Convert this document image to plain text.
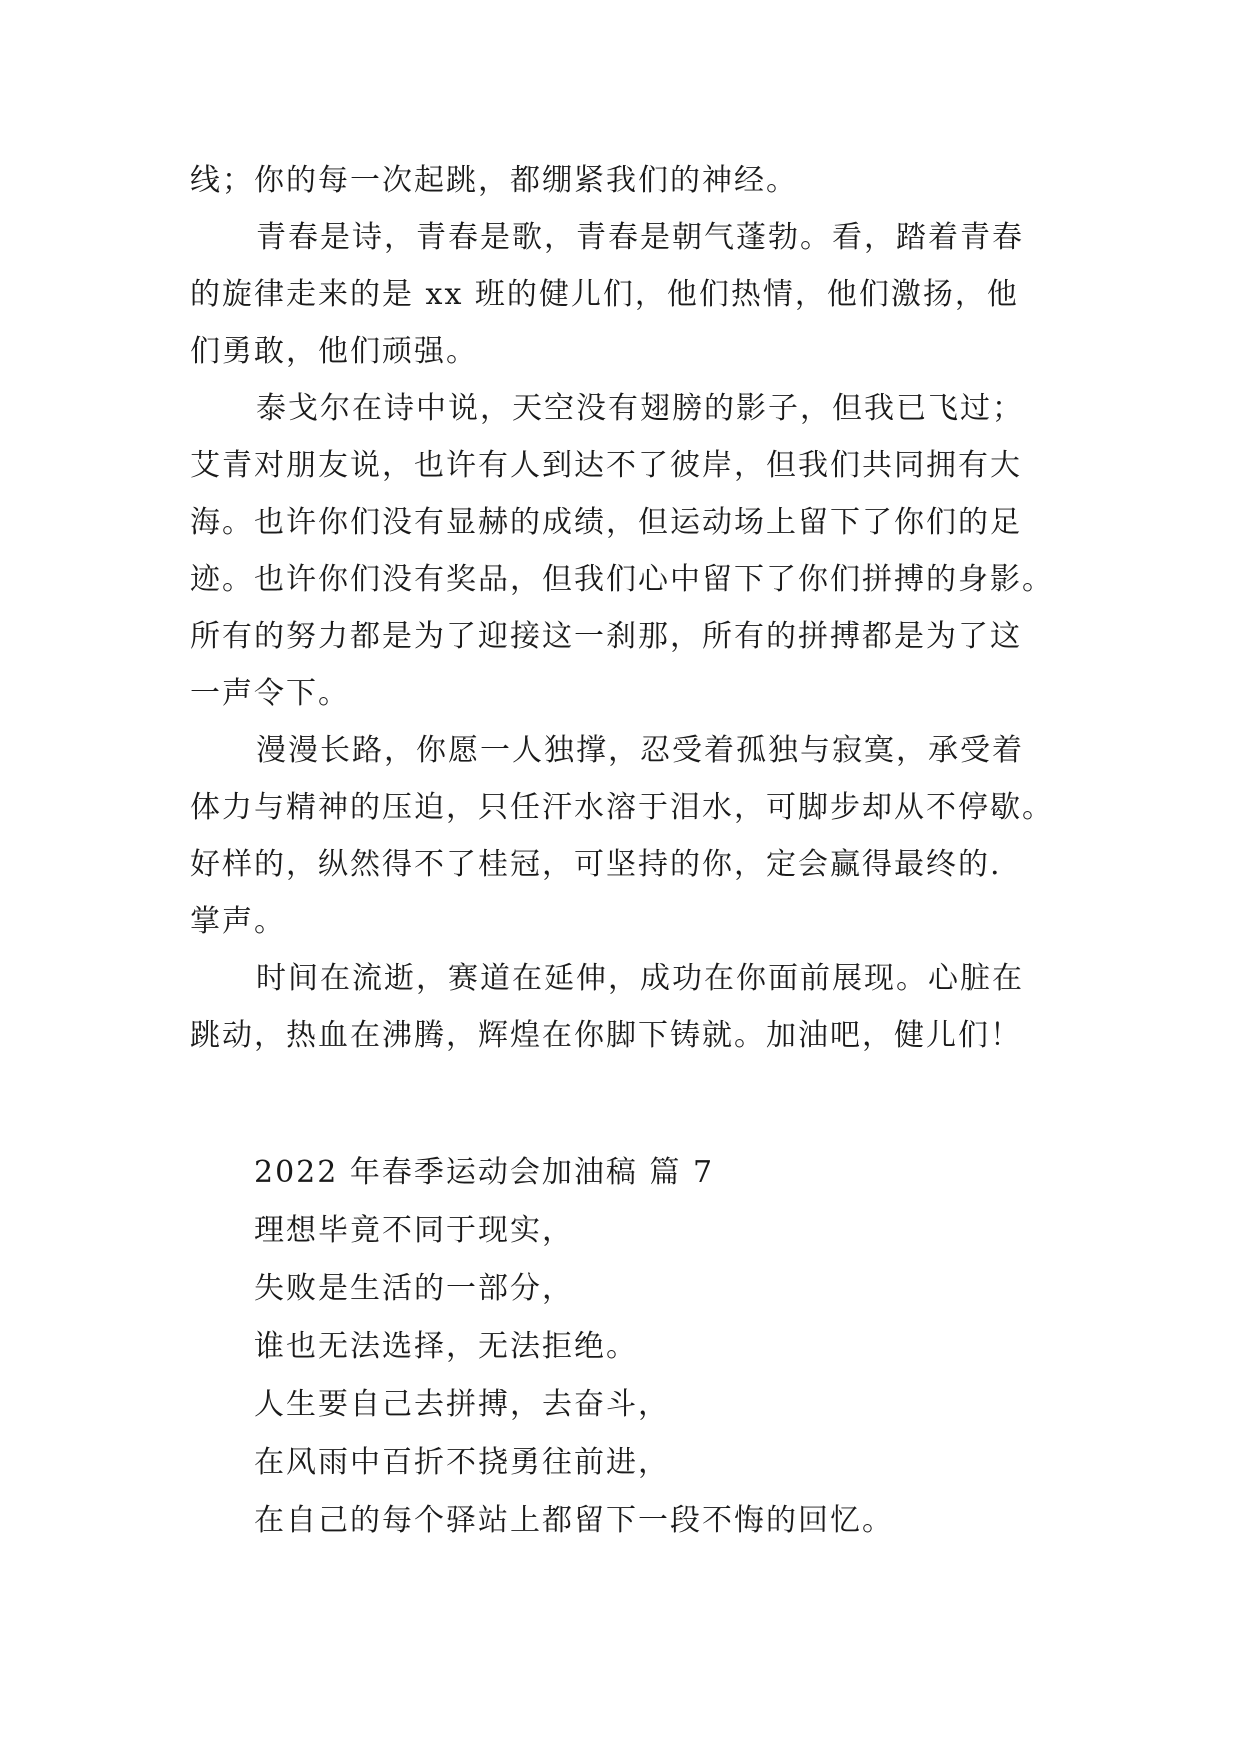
线；你的每一次起跳，都绷紧我们的神经。
青春是诗，青春是歌，青春是朝气蓬勃。看，踏着青春
的旋律走来的是 xx 班的健儿们，他们热情，他们激扬，他
们勇敢，他们顽强。
泰戈尔在诗中说，天空没有翅膀的影子，但我已飞过；
艾青对朋友说，也许有人到达不了彼岸，但我们共同拥有大
海。也许你们没有显赫的成绩，但运动场上留下了你们的足
迹。也许你们没有奖品，但我们心中留下了你们拼搏的身影。
所有的努力都是为了迎接这一刹那，所有的拼搏都是为了这
一声令下。
漫漫长路，你愿一人独撑，忍受着孤独与寂寞，承受着
体力与精神的压迫，只任汗水溶于泪水，可脚步却从不停歇。
好样的，纵然得不了桂冠，可坚持的你，定会赢得最终的.
掌声。
时间在流逝，赛道在延伸，成功在你面前展现。心脏在
跳动，热血在沸腾，辉煌在你脚下铸就。加油吧，健儿们！
2022 年春季运动会加油稿 篇 7
理想毕竟不同于现实，
失败是生活的一部分，
谁也无法选择，无法拒绝。
人生要自己去拼搏，去奋斗，
在风雨中百折不挠勇往前进，
在自己的每个驿站上都留下一段不悔的回忆。
